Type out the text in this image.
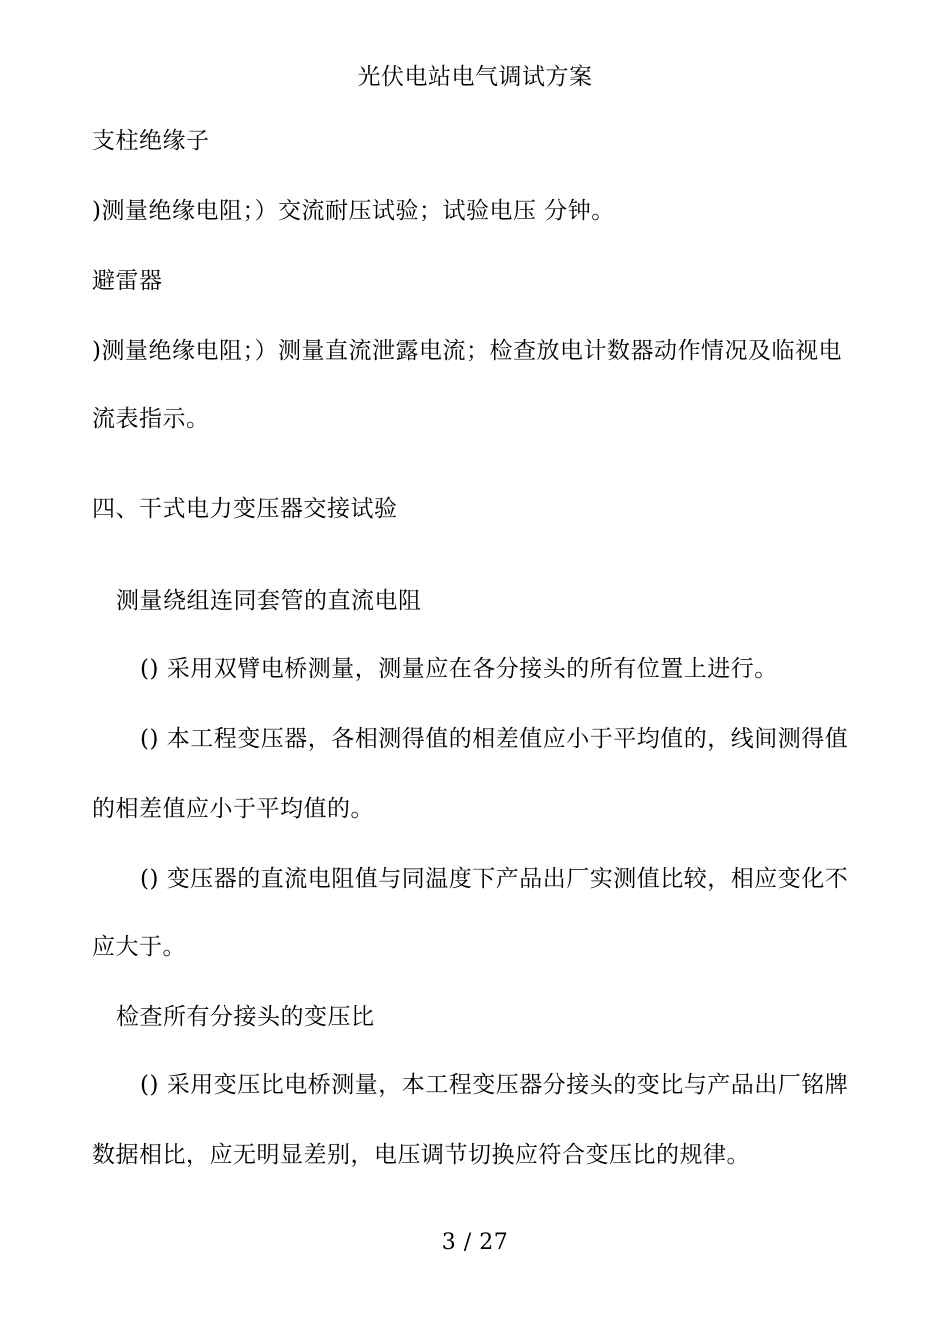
光伏电站电气调试方案
支柱绝缘子
)测量绝缘电阻；）交流耐压试验；试验电压 分钟。
避雷器
)测量绝缘电阻；）测量直流泄露电流；检查放电计数器动作情况及临视电
流表指示。
四、干式电力变压器交接试验
测量绕组连同套管的直流电阻
() 采用双臂电桥测量，测量应在各分接头的所有位置上进行。
() 本工程变压器，各相测得值的相差值应小于平均值的，线间测得值
的相差值应小于平均值的。
() 变压器的直流电阻值与同温度下产品出厂实测值比较，相应变化不
应大于。
检查所有分接头的变压比
() 采用变压比电桥测量，本工程变压器分接头的变比与产品出厂铭牌
数据相比，应无明显差别，电压调节切换应符合变压比的规律。
3 / 27
